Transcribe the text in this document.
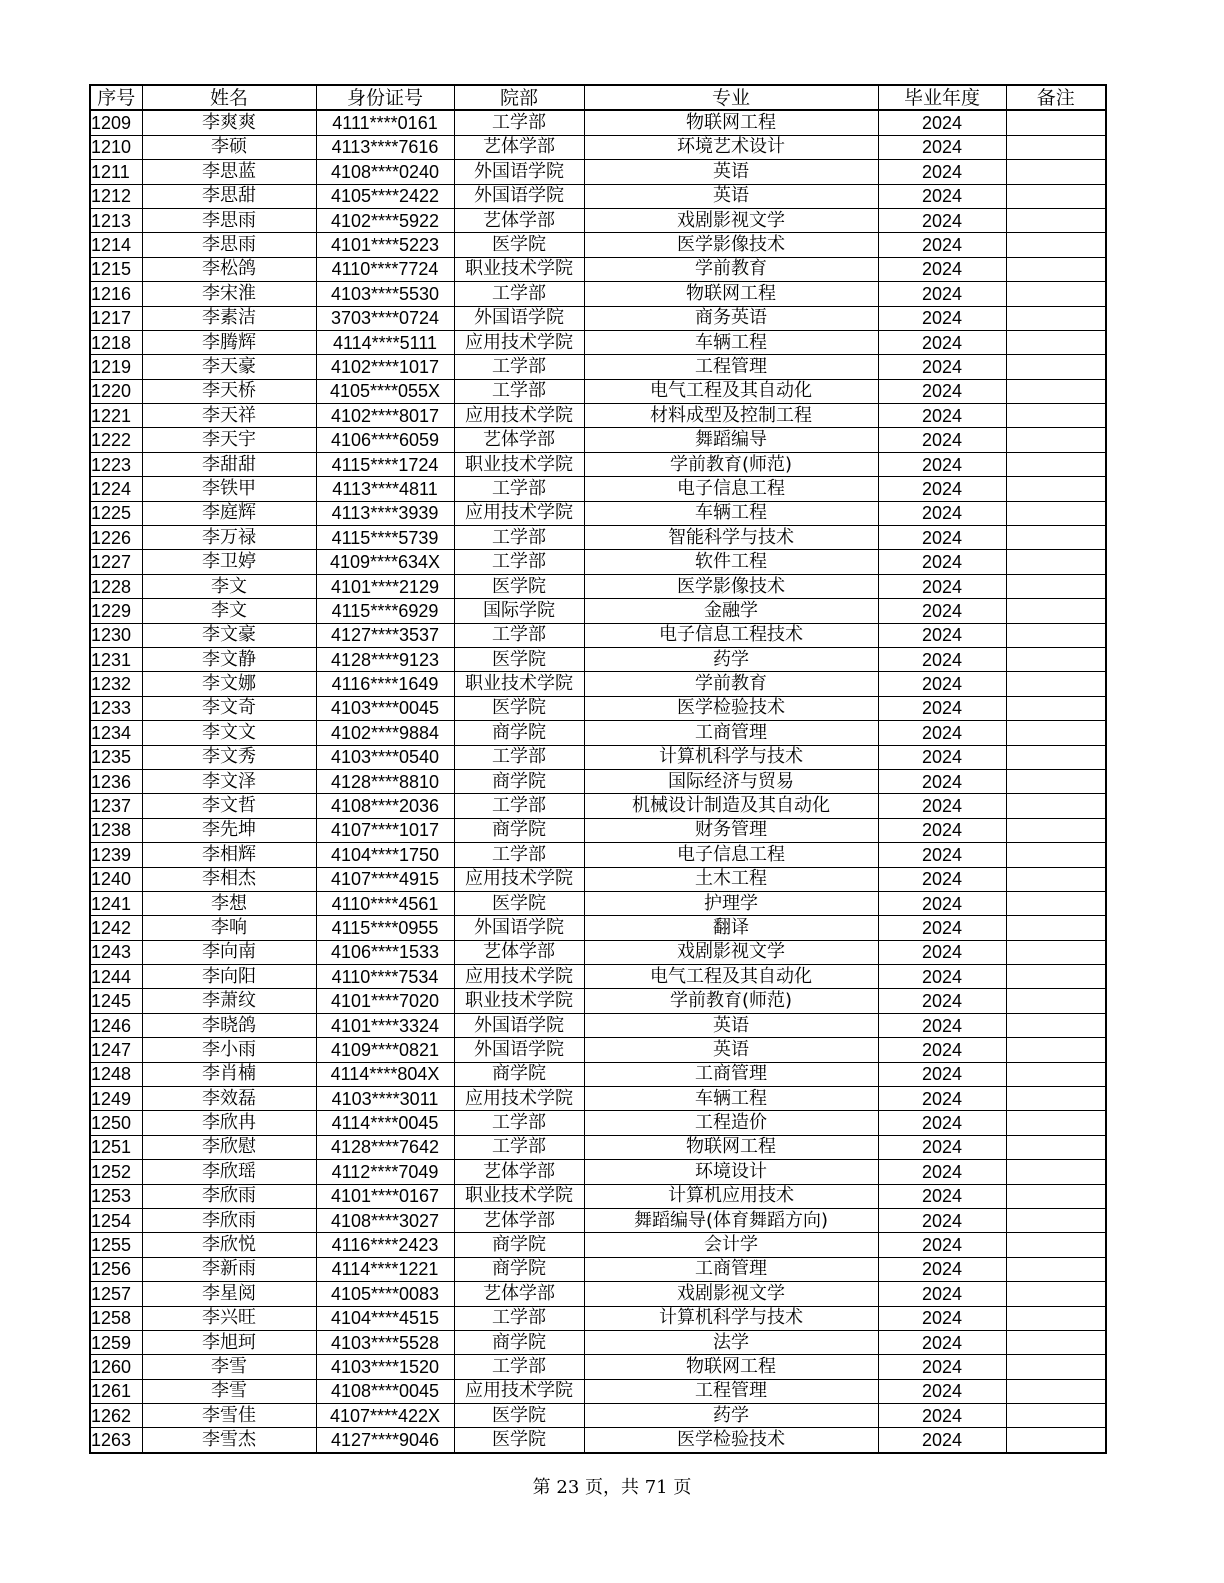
序号	姓名	身份证号	院部	专业	毕业年度	备注
1209	李爽爽	4111****0161	工学部	物联网工程	2024	
1210	李硕	4113****7616	艺体学部	环境艺术设计	2024	
1211	李思蓝	4108****0240	外国语学院	英语	2024	
1212	李思甜	4105****2422	外国语学院	英语	2024	
1213	李思雨	4102****5922	艺体学部	戏剧影视文学	2024	
1214	李思雨	4101****5223	医学院	医学影像技术	2024	
1215	李松鸽	4110****7724	职业技术学院	学前教育	2024	
1216	李宋淮	4103****5530	工学部	物联网工程	2024	
1217	李素洁	3703****0724	外国语学院	商务英语	2024	
1218	李腾辉	4114****5111	应用技术学院	车辆工程	2024	
1219	李天豪	4102****1017	工学部	工程管理	2024	
1220	李天桥	4105****055X	工学部	电气工程及其自动化	2024	
1221	李天祥	4102****8017	应用技术学院	材料成型及控制工程	2024	
1222	李天宇	4106****6059	艺体学部	舞蹈编导	2024	
1223	李甜甜	4115****1724	职业技术学院	学前教育(师范)	2024	
1224	李铁甲	4113****4811	工学部	电子信息工程	2024	
1225	李庭辉	4113****3939	应用技术学院	车辆工程	2024	
1226	李万禄	4115****5739	工学部	智能科学与技术	2024	
1227	李卫婷	4109****634X	工学部	软件工程	2024	
1228	李文	4101****2129	医学院	医学影像技术	2024	
1229	李文	4115****6929	国际学院	金融学	2024	
1230	李文豪	4127****3537	工学部	电子信息工程技术	2024	
1231	李文静	4128****9123	医学院	药学	2024	
1232	李文娜	4116****1649	职业技术学院	学前教育	2024	
1233	李文奇	4103****0045	医学院	医学检验技术	2024	
1234	李文文	4102****9884	商学院	工商管理	2024	
1235	李文秀	4103****0540	工学部	计算机科学与技术	2024	
1236	李文泽	4128****8810	商学院	国际经济与贸易	2024	
1237	李文哲	4108****2036	工学部	机械设计制造及其自动化	2024	
1238	李先坤	4107****1017	商学院	财务管理	2024	
1239	李相辉	4104****1750	工学部	电子信息工程	2024	
1240	李相杰	4107****4915	应用技术学院	土木工程	2024	
1241	李想	4110****4561	医学院	护理学	2024	
1242	李响	4115****0955	外国语学院	翻译	2024	
1243	李向南	4106****1533	艺体学部	戏剧影视文学	2024	
1244	李向阳	4110****7534	应用技术学院	电气工程及其自动化	2024	
1245	李萧纹	4101****7020	职业技术学院	学前教育(师范)	2024	
1246	李晓鸽	4101****3324	外国语学院	英语	2024	
1247	李小雨	4109****0821	外国语学院	英语	2024	
1248	李肖楠	4114****804X	商学院	工商管理	2024	
1249	李效磊	4103****3011	应用技术学院	车辆工程	2024	
1250	李欣冉	4114****0045	工学部	工程造价	2024	
1251	李欣慰	4128****7642	工学部	物联网工程	2024	
1252	李欣瑶	4112****7049	艺体学部	环境设计	2024	
1253	李欣雨	4101****0167	职业技术学院	计算机应用技术	2024	
1254	李欣雨	4108****3027	艺体学部	舞蹈编导(体育舞蹈方向)	2024	
1255	李欣悦	4116****2423	商学院	会计学	2024	
1256	李新雨	4114****1221	商学院	工商管理	2024	
1257	李星阅	4105****0083	艺体学部	戏剧影视文学	2024	
1258	李兴旺	4104****4515	工学部	计算机科学与技术	2024	
1259	李旭珂	4103****5528	商学院	法学	2024	
1260	李雪	4103****1520	工学部	物联网工程	2024	
1261	李雪	4108****0045	应用技术学院	工程管理	2024	
1262	李雪佳	4107****422X	医学院	药学	2024	
1263	李雪杰	4127****9046	医学院	医学检验技术	2024	
第 23 页，共 71 页
